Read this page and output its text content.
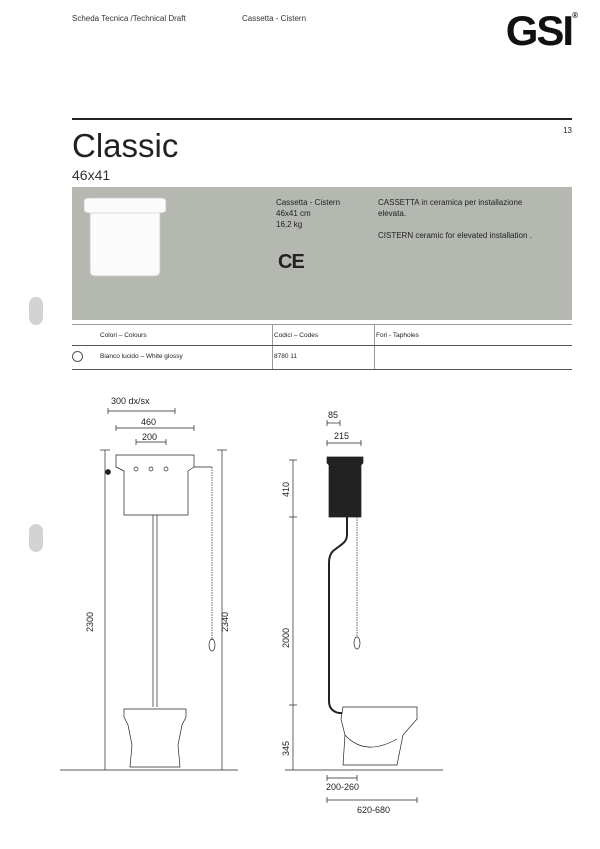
Scheda Tecnica /Technical Draft	Cassetta - Cistern	GSI®
13
Classic
46x41
Cassetta - Cistern
46x41 cm
16,2 kg
CE
CASSETTA in ceramica per installazione elevata.
CISTERN ceramic for elevated installation .
Colori – Colours	Codici – Codes	Fori - Tapholes
Bianco lucido – White glossy	8780 11
300 dx/sx
460
200
2300	2340
85
215
410
2000
345
200-260
620-680
